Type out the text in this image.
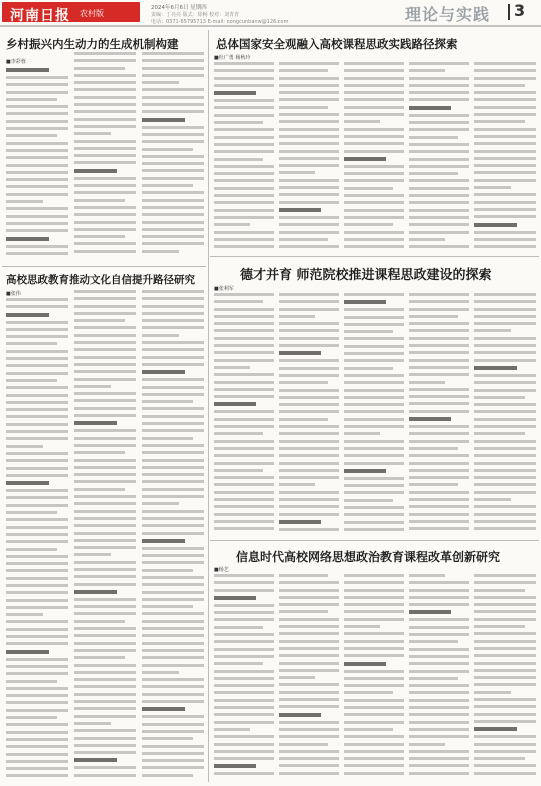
河南日报 农村版
2024年6月6日 星期四
责编：丁亮亮 版式：徐畅 校对：刘青青
电话：0371-65795713 E-mail: nongcunbanw@126.com	理论与实践 3
乡村振兴内生动力的生成机制构建
■李彩蓉
高校思政教育推动文化自信提升路径研究
■张伟
总体国家安全观融入高校课程思政实践路径探索
■杜广勇 杨秋玲
德才并育 师范院校推进课程思政建设的探索
■张利军
信息时代高校网络思想政治教育课程改革创新研究
■杨艺
